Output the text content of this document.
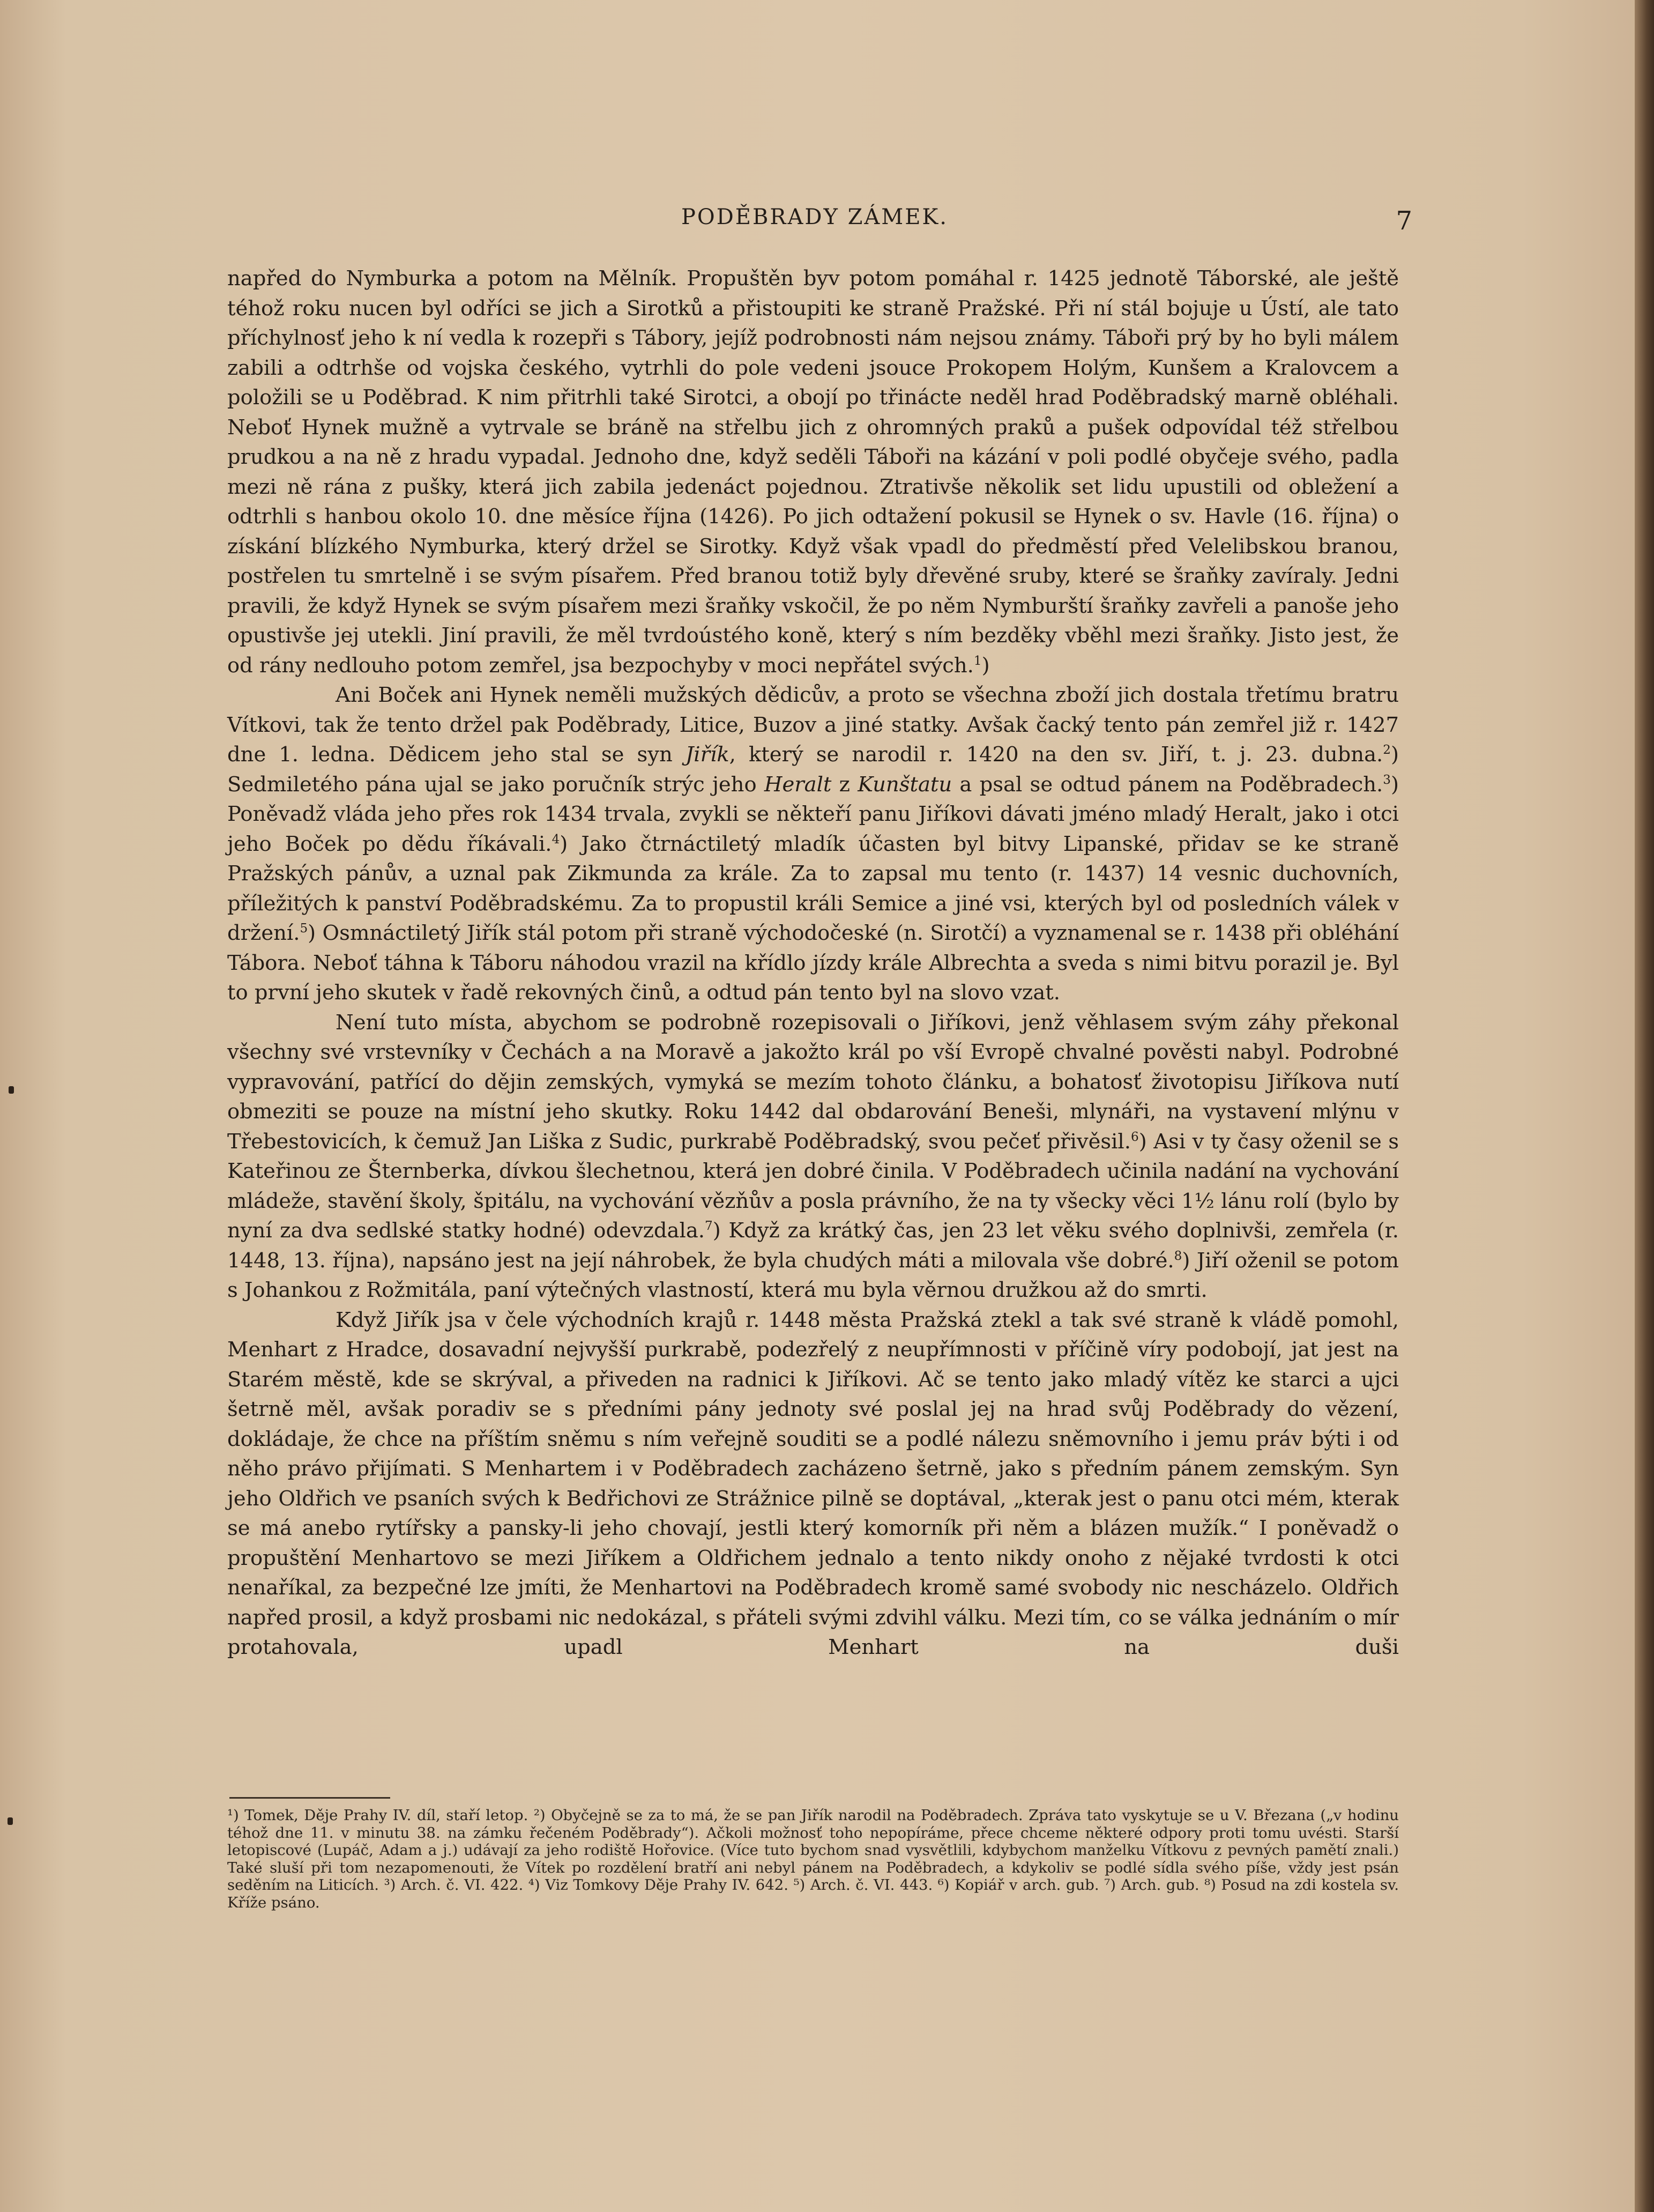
PODĚBRADY ZÁMEK.	7

napřed do Nymburka a potom na Mělník. Propuštěn byv potom pomáhal r. 1425 jednotě Táborské, ale ještě téhož roku nucen byl odříci se jich a Sirotků a přistoupiti ke straně Pražské. Při ní stál bojuje u Ústí, ale tato příchylnosť jeho k ní vedla k rozepři s Tábory, jejíž podrobnosti nám nejsou známy. Táboři prý by ho byli málem zabili a odtrhše od vojska českého, vytrhli do pole vedeni jsouce Prokopem Holým, Kunšem a Kralovcem a položili se u Poděbrad. K nim přitrhli také Sirotci, a obojí po třinácte neděl hrad Poděbradský marně obléhali. Neboť Hynek mužně a vytrvale se bráně na střelbu jich z ohromných praků a pušek odpovídal též střelbou prudkou a na ně z hradu vypadal. Jednoho dne, když seděli Táboři na kázání v poli podlé obyčeje svého, padla mezi ně rána z pušky, která jich zabila jedenáct pojednou. Ztrativše několik set lidu upustili od obležení a odtrhli s hanbou okolo 10. dne měsíce října (1426). Po jich odtažení pokusil se Hynek o sv. Havle (16. října) o získání blízkého Nymburka, který držel se Sirotky. Když však vpadl do předměstí před Velelibskou branou, postřelen tu smrtelně i se svým písařem. Před branou totiž byly dřevěné sruby, které se šraňky zavíraly. Jedni pravili, že když Hynek se svým písařem mezi šraňky vskočil, že po něm Nymburští šraňky zavřeli a panoše jeho opustivše jej utekli. Jiní pravili, že měl tvrdoústého koně, který s ním bezděky vběhl mezi šraňky. Jisto jest, že od rány nedlouho potom zemřel, jsa bezpochyby v moci nepřátel svých.$^1$)

Ani Boček ani Hynek neměli mužských dědicův, a proto se všechna zboží jich dostala třetímu bratru Vítkovi, tak že tento držel pak Poděbrady, Litice, Buzov a jiné statky. Avšak čacký tento pán zemřel již r. 1427 dne 1. ledna. Dědicem jeho stal se syn Jiřík, který se narodil r. 1420 na den sv. Jiří, t. j. 23. dubna.$^2$) Sedmiletého pána ujal se jako poručník strýc jeho Heralt z Kunštatu a psal se odtud pánem na Poděbradech.$^3$) Poněvadž vláda jeho přes rok 1434 trvala, zvykli se někteří panu Jiříkovi dávati jméno mladý Heralt, jako i otci jeho Boček po dědu říkávali.$^4$) Jako čtrnáctiletý mladík účasten byl bitvy Lipanské, přidav se ke straně Pražských pánův, a uznal pak Zikmunda za krále. Za to zapsal mu tento (r. 1437) 14 vesnic duchovních, příležitých k panství Poděbradskému. Za to propustil králi Semice a jiné vsi, kterých byl od posledních válek v držení.$^5$) Osmnáctiletý Jiřík stál potom při straně východočeské (n. Sirotčí) a vyznamenal se r. 1438 při obléhání Tábora. Neboť táhna k Táboru náhodou vrazil na křídlo jízdy krále Albrechta a sveda s nimi bitvu porazil je. Byl to první jeho skutek v řadě rekovných činů, a odtud pán tento byl na slovo vzat.

Není tuto místa, abychom se podrobně rozepisovali o Jiříkovi, jenž věhlasem svým záhy překonal všechny své vrstevníky v Čechách a na Moravě a jakožto král po vší Evropě chvalné pověsti nabyl. Podrobné vypravování, patřící do dějin zemských, vymyká se mezím tohoto článku, a bohatosť životopisu Jiříkova nutí obmeziti se pouze na místní jeho skutky. Roku 1442 dal obdarování Beneši, mlynáři, na vystavení mlýnu v Třebestovicích, k čemuž Jan Liška z Sudic, purkrabě Poděbradský, svou pečeť přivěsil.$^6$) Asi v ty časy oženil se s Kateřinou ze Šternberka, dívkou šlechetnou, která jen dobré činila. V Poděbradech učinila nadání na vychování mládeže, stavění školy, špitálu, na vychování vězňův a posla právního, že na ty všecky věci 1½ lánu rolí (bylo by nyní za dva sedlské statky hodné) odevzdala.$^7$) Když za krátký čas, jen 23 let věku svého doplnivši, zemřela (r. 1448, 13. října), napsáno jest na její náhrobek, že byla chudých máti a milovala vše dobré.$^8$) Jiří oženil se potom s Johankou z Rožmitála, paní výtečných vlastností, která mu byla věrnou družkou až do smrti.

Když Jiřík jsa v čele východních krajů r. 1448 města Pražská ztekl a tak své straně k vládě pomohl, Menhart z Hradce, dosavadní nejvyšší purkrabě, podezřelý z neupřímnosti v příčině víry podobojí, jat jest na Starém městě, kde se skrýval, a přiveden na radnici k Jiříkovi. Ač se tento jako mladý vítěz ke starci a ujci šetrně měl, avšak poradiv se s předními pány jednoty své poslal jej na hrad svůj Poděbrady do vězení, dokládaje, že chce na příštím sněmu s ním veřejně souditi se a podlé nálezu sněmovního i jemu práv býti i od něho právo přijímati. S Menhartem i v Poděbradech zacházeno šetrně, jako s předním pánem zemským. Syn jeho Oldřich ve psaních svých k Bedřichovi ze Strážnice pilně se doptával, „kterak jest o panu otci mém, kterak se má anebo rytířsky a pansky-li jeho chovají, jestli který komorník při něm a blázen mužík.“ I poněvadž o propuštění Menhartovo se mezi Jiříkem a Oldřichem jednalo a tento nikdy onoho z nějaké tvrdosti k otci nenaříkal, za bezpečné lze jmíti, že Menhartovi na Poděbradech kromě samé svobody nic nescházelo. Oldřich napřed prosil, a když prosbami nic nedokázal, s přáteli svými zdvihl válku. Mezi tím, co se válka jednáním o mír protahovala, upadl Menhart na duši

¹) Tomek, Děje Prahy IV. díl, staří letop. ²) Obyčejně se za to má, že se pan Jiřík narodil na Poděbradech. Zpráva tato vyskytuje se u V. Březana („v hodinu téhož dne 11. v minutu 38. na zámku řečeném Poděbrady“). Ačkoli možnosť toho nepopíráme, přece chceme některé odpory proti tomu uvésti. Starší letopiscové (Lupáč, Adam a j.) udávají za jeho rodiště Hořovice. (Více tuto bychom snad vysvětlili, kdybychom manželku Vítkovu z pevných pamětí znali.) Také sluší při tom nezapomenouti, že Vítek po rozdělení bratří ani nebyl pánem na Poděbradech, a kdykoliv se podlé sídla svého píše, vždy jest psán seděním na Liticích. ³) Arch. č. VI. 422. ⁴) Viz Tomkovy Děje Prahy IV. 642. ⁵) Arch. č. VI. 443. ⁶) Kopiář v arch. gub. ⁷) Arch. gub. ⁸) Posud na zdi kostela sv. Kříže psáno.
